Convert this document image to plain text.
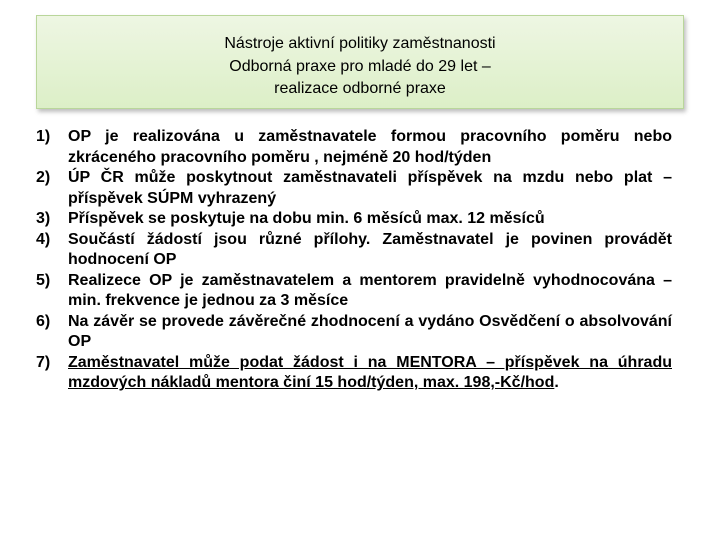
Nástroje aktivní politiky zaměstnanosti
Odborná praxe pro mladé do 29 let –
realizace odborné praxe
1)	OP je realizována u zaměstnavatele formou pracovního poměru nebo zkráceného pracovního poměru , nejméně 20 hod/týden
2)	ÚP ČR může poskytnout zaměstnavateli příspěvek na mzdu nebo plat – příspěvek SÚPM vyhrazený
3)	Příspěvek se poskytuje na dobu min. 6 měsíců max. 12 měsíců
4)	Součástí žádostí jsou různé přílohy. Zaměstnavatel je povinen provádět hodnocení OP
5)	Realizece OP je zaměstnavatelem a mentorem pravidelně vyhodnocována – min. frekvence je jednou za 3 měsíce
6)	Na závěr se provede závěrečné zhodnocení a vydáno Osvědčení o absolvování OP
7)	Zaměstnavatel může podat žádost i na MENTORA – příspěvek na úhradu mzdových nákladů mentora činí 15 hod/týden, max. 198,-Kč/hod.
